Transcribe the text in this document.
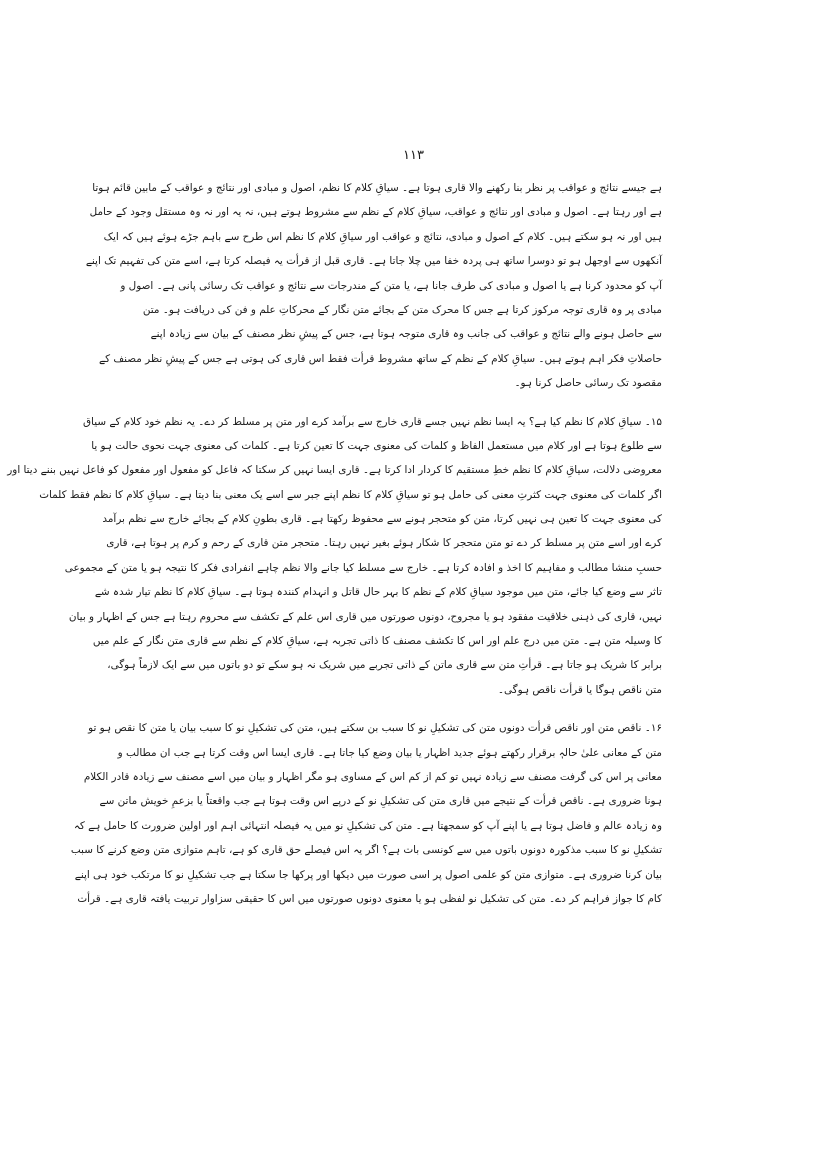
۱۱۳
ہے جیسے نتائج و عواقب پر نظر بنا رکھنے والا قاری ہوتا ہے۔ سیاقِ کلام کا نظم، اصول و مبادی اور نتائج و عواقب کے مابین قائم ہوتا
ہے اور رہتا ہے۔ اصول و مبادی اور نتائج و عواقب، سیاقِ کلام کے نظم سے مشروط ہوتے ہیں، نہ یہ اور نہ وہ مستقل وجود کے حامل
ہیں اور نہ ہو سکتے ہیں۔ کلام کے اصول و مبادی، نتائج و عواقب اور سیاقِ کلام کا نظم اس طرح سے باہم جڑے ہوئے ہیں کہ ایک
آنکھوں سے اوجھل ہو تو دوسرا ساتھ ہی پردہ خفا میں چلا جاتا ہے۔ قاری قبل از قرأت یہ فیصلہ کرتا ہے، اسے متن کی تفہیم تک اپنے
آپ کو محدود کرنا ہے یا اصول و مبادی کی طرف جانا ہے، یا متن کے مندرجات سے نتائج و عواقب تک رسائی پانی ہے۔ اصول و
مبادی پر وہ قاری توجہ مرکوز کرتا ہے جس کا محرک متن کے بجائے متن نگار کے محرکاتِ علم و فن کی دریافت ہو۔ متن
سے حاصل ہونے والے نتائج و عواقب کی جانب وہ قاری متوجہ ہوتا ہے، جس کے پیشِ نظر مصنف کے بیان سے زیادہ اپنے
حاصلاتِ فکر اہم ہوتے ہیں۔ سیاقِ کلام کے نظم کے ساتھ مشروط قرأت فقط اس قاری کی ہوتی ہے جس کے پیشِ نظر مصنف کے
مقصود تک رسائی حاصل کرنا ہو۔
۱۵۔ سیاقِ کلام کا نظم کیا ہے؟ یہ ایسا نظم نہیں جسے قاری خارج سے برآمد کرے اور متن پر مسلط کر دے۔ یہ نظم خود کلام کے سیاق
سے طلوع ہوتا ہے اور کلام میں مستعمل الفاظ و کلمات کی معنوی جہت کا تعین کرتا ہے۔ کلمات کی معنوی جہت نحوی حالت ہو یا
معروضی دلالت، سیاقِ کلام کا نظم خطِ مستقیم کا کردار ادا کرتا ہے۔ قاری ایسا نہیں کر سکتا کہ فاعل کو مفعول اور مفعول کو فاعل نہیں بننے دیتا اور
اگر کلمات کی معنوی جہت کثرتِ معنی کی حامل ہو تو سیاقِ کلام کا نظم اپنے جبر سے اسے یک معنی بنا دیتا ہے۔ سیاقِ کلام کا نظم فقط کلمات
کی معنوی جہت کا تعین ہی نہیں کرتا، متن کو متحجر ہونے سے محفوظ رکھتا ہے۔ قاری بطونِ کلام کے بجائے خارج سے نظم برآمد
کرے اور اسے متن پر مسلط کر دے تو متن متحجر کا شکار ہوئے بغیر نہیں رہتا۔ متحجر متن قاری کے رحم و کرم پر ہوتا ہے، قاری
حسبِ منشا مطالب و مفاہیم کا اخذ و افادہ کرتا ہے۔ خارج سے مسلط کیا جانے والا نظم چاہے انفرادی فکر کا نتیجہ ہو یا متن کے مجموعی
تاثر سے وضع کیا جائے، متن میں موجود سیاقِ کلام کے نظم کا بہر حال قاتل و انہدام کنندہ ہوتا ہے۔ سیاقِ کلام کا نظم تیار شدہ شے
نہیں، قاری کی ذہنی خلاقیت مفقود ہو یا مجروح، دونوں صورتوں میں قاری اس علم کے تکشف سے محروم رہتا ہے جس کے اظہار و بیان
کا وسیلہ متن ہے۔ متن میں درج علم اور اس کا تکشف مصنف کا ذاتی تجربہ ہے، سیاقِ کلام کے نظم سے قاری متن نگار کے علم میں
برابر کا شریک ہو جاتا ہے۔ قرأتِ متن سے قاری ماتن کے ذاتی تجربے میں شریک نہ ہو سکے تو دو باتوں میں سے ایک لازماً ہوگی،
متن ناقص ہوگا یا قرأت ناقص ہوگی۔
۱۶۔ ناقص متن اور ناقص قرأت دونوں متن کی تشکیلِ نو کا سبب بن سکتے ہیں، متن کی تشکیلِ نو کا سبب بیان یا متن کا نقص ہو تو
متن کے معانی علیٰ حالہٖ برقرار رکھتے ہوئے جدید اظہار یا بیان وضع کیا جاتا ہے۔ قاری ایسا اس وقت کرتا ہے جب ان مطالب و
معانی پر اس کی گرفت مصنف سے زیادہ نہیں تو کم از کم اس کے مساوی ہو مگر اظہار و بیان میں اسے مصنف سے زیادہ قادر الکلام
ہونا ضروری ہے۔ ناقص قرأت کے نتیجے میں قاری متن کی تشکیلِ نو کے درپے اس وقت ہوتا ہے جب واقعتاً یا بزعمِ خویش ماتن سے
وہ زیادہ عالم و فاضل ہوتا ہے یا اپنے آپ کو سمجھتا ہے۔ متن کی تشکیلِ نو میں یہ فیصلہ انتہائی اہم اور اولین ضرورت کا حامل ہے کہ
تشکیلِ نو کا سبب مذکورہ دونوں باتوں میں سے کونسی بات ہے؟ اگر یہ اس فیصلے حق قاری کو ہے، تاہم متوازی متن وضع کرنے کا سبب
بیان کرنا ضروری ہے۔ متوازی متن کو علمی اصول پر اسی صورت میں دیکھا اور پرکھا جا سکتا ہے جب تشکیلِ نو کا مرتکب خود ہی اپنے
کام کا جواز فراہم کر دے۔ متن کی تشکیل نو لفظی ہو یا معنوی دونوں صورتوں میں اس کا حقیقی سزاوار تربیت یافتہ قاری ہے۔ قرأت
